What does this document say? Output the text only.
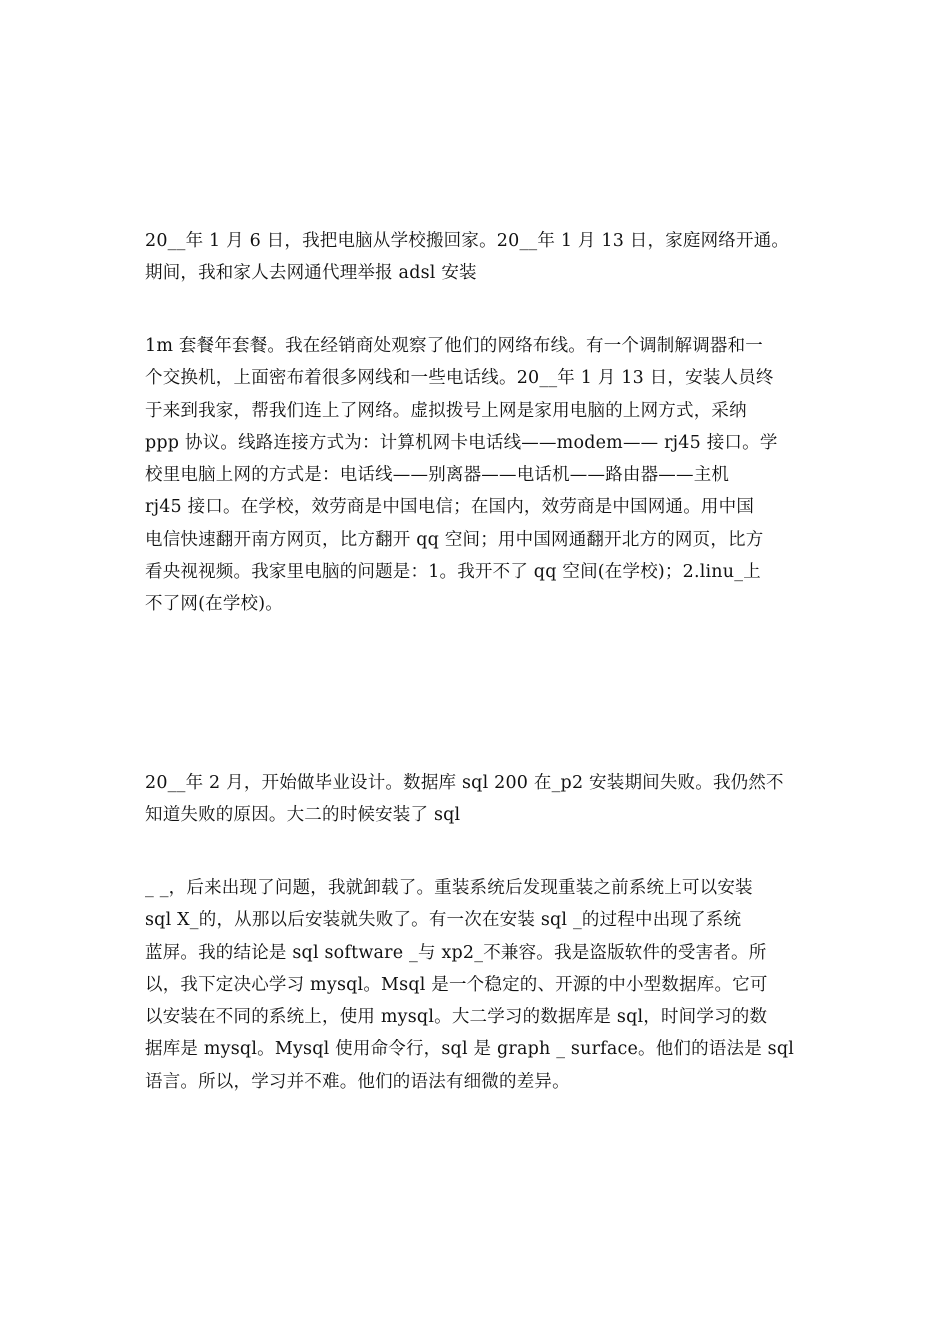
20__年 1 月 6 日，我把电脑从学校搬回家。20__年 1 月 13 日，家庭网络开通。
期间，我和家人去网通代理举报 adsl 安装
1m 套餐年套餐。我在经销商处观察了他们的网络布线。有一个调制解调器和一
个交换机，上面密布着很多网线和一些电话线。20__年 1 月 13 日，安装人员终
于来到我家，帮我们连上了网络。虚拟拨号上网是家用电脑的上网方式，采纳
ppp 协议。线路连接方式为：计算机网卡电话线——modem—— rj45 接口。学
校里电脑上网的方式是：电话线——别离器——电话机——路由器——主机
rj45 接口。在学校，效劳商是中国电信；在国内，效劳商是中国网通。用中国
电信快速翻开南方网页，比方翻开 qq 空间；用中国网通翻开北方的网页，比方
看央视视频。我家里电脑的问题是：1。我开不了 qq 空间(在学校)；2.linu_上
不了网(在学校)。
20__年 2 月，开始做毕业设计。数据库 sql 200 在_p2 安装期间失败。我仍然不
知道失败的原因。大二的时候安装了 sql
_ _，后来出现了问题，我就卸载了。重装系统后发现重装之前系统上可以安装
sql X_的，从那以后安装就失败了。有一次在安装 sql _的过程中出现了系统
蓝屏。我的结论是 sql software _与 xp2_不兼容。我是盗版软件的受害者。所
以，我下定决心学习 mysql。Msql 是一个稳定的、开源的中小型数据库。它可
以安装在不同的系统上，使用 mysql。大二学习的数据库是 sql，时间学习的数
据库是 mysql。Mysql 使用命令行，sql 是 graph _ surface。他们的语法是 sql
语言。所以，学习并不难。他们的语法有细微的差异。
